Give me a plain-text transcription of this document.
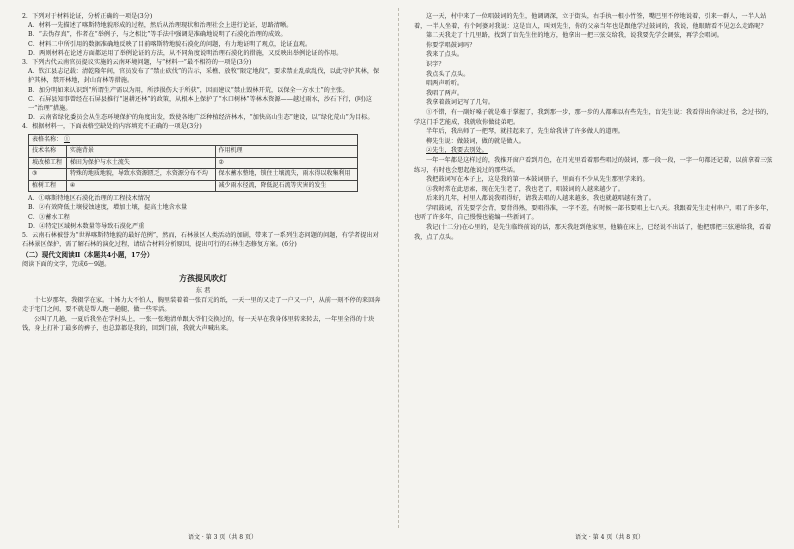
2．下列对于材料论证，分析正确的一项是(3分)

A．材料一先描述了喀斯特地貌形成的过程，然后从治理现状和治理社会上进行论证，思路清晰。

B．“去伪存真”，作者在“举例子，与之相比”等手法中强调是准确地说明了石漠化治理的成效。

C．材料二中所引用的数据准确地反映了目前喀斯特地貌石漠化的问题，有力地证明了观点，论证直观。

D．两则材料在论述方面都运用了举例论证的方法，从不同角度说明治理石漠化的措施，又反映出举例论证的作用。

3．下列古代云南官员提议实施的云南环境问题，与“材料一”最不相符的一项是(3分)

A．钦江县志记载：清乾隆年间，官员发布了“禁止砍伐”的告示，采樵、放牧“限定地段”，要求禁止乱砍乱伐，以此守护其林，保护其林，禁开林地，封山育林等措施。

B．加分明如来认识到“所谓生产需以为用，所涉损伤大于所获”，因而建议“禁止毁林开荒，以保全一方水土”的主张。

C．石屏县知事曾经在石屏县推行“退耕还林”的政策，从根本上保护了“水口树林”等林木资源——越过雨水，沙石下行，(阿)这一“治理”措施。

D．云南省绿化委员会从生态环境保护的角度出发，致使各地广泛种植经济林木，“加快高山生态”建设，以“绿化荒山”为目标。

4．根据材料一，下面表格空缺处的内容填充不正确的一项是(3分)

表格名称： ①		
技术名称	实施背景	作用机理
坡改梯工程	梯田为保护与水土流失	②
③	特殊的地质地貌，导致水资源匮乏，水资源分布不均	保水蓄水整地，锁住土壤流失，雨水得以收集利用
植树工程	④	减少雨水径流，降低泥石流等灾害的发生

A．①喀斯特地区石漠化治理的工程技术情况

B．②有效降低土壤侵蚀速度，增加土壤，提高土地含水量

C．③蓄水工程

D．④特定区域树木数量等导致石漠化严重

5．云南石林被誉为“世界喀斯特地貌的最好范例”，然而，石林景区人类活动的加剧，带来了一系列生态问题的问题，有学者提出对石林景区保护，需了解石林的演化过程，请结合材料分析原因，提出可行的石林生态修复方案。(6分)

（二）现代文阅读Ⅱ（本题共4小题，17分）

阅读下面的文字，完成6～9题。

方孩提风吹灯

东 君

十七岁那年，我辍学在家。十姊力大不怕人，胸里装着着一张百元的纸，一天一里的又走了一户又一户，从前一刻不停的来回奔走于宅门之间，要不就是帮人跑一趟腿，做一些零活。

公叫了几趟，一夏后我坐在学村头上，一张一张地清单跟大爷们交换过的，每一天早在我身体里转来转去，一年里全得的十块钱，身上打补丁最多的裤子，也总算都是我的，回到门前，我就大声喊出来。

这一天，村中来了一位唱鼓词的先生，他调调深，立于街头，右手执一根小竹签，嘴巴里不停地说着，引来一群人，一半人站着，一半人坐着，有个阿婆对我说：这是盲人，叫刘先生，你的父亲当年也是跟他学过鼓词的，我说，他眼睛看不见怎么走路呢？

第二天我走了十几里路，找到了盲先生住的地方，他拿出一把三弦交给我，说我要先学会调弦，再学会唱词。

你要学唱鼓词吗？

我来了点头。

识字？

我点头了点头。

唱两声听听。

我唱了两声。

我拿着鼓词记写了几句。

①不错，有一副好嗓子就是难于掌握了，我到那一步，那一步的人都难以有些先生，盲先生说：我看得出你读过书，念过书的，学这门手艺能成，我就收你做徒弟吧。

半年后，我出师了一把琴，就挂起来了，先生给我讲了许多做人的道理。

柳先生说：做鼓词，做的就是做人。

②先生，我要去别处。

一年一年都是这样过的，我推开窗户看到月色，在月光里看着那些唱过的鼓词，那一段一段，一字一句都还记着，以前拿着三弦练习，有时也会想起他说过的那些话。

我把鼓词写在本子上，这是我的第一本鼓词册子，里面有不少从先生那里学来的。

③我时常在此思索，现在先生老了，我也老了，唱鼓词的人越来越少了。

后来的几年，村里人都说我唱得好，请我去唱的人越来越多，我也就越唱越有劲了。

学唱鼓词，首先要学会背，要背得熟，要唱得准，一字不差，有时候一部书要唱上七八天。我跟着先生走村串户，唱了许多年，也听了许多年，自己慢慢也能编一些新词了。

我记(十二分)在心里的，是先生临终前说的话，那天我赶到他家里，他躺在床上，已经说不出话了，他把那把三弦递给我，看着我，点了点头。

语文 · 第 3 页（共 8 页）	语文 · 第 4 页（共 8 页）
